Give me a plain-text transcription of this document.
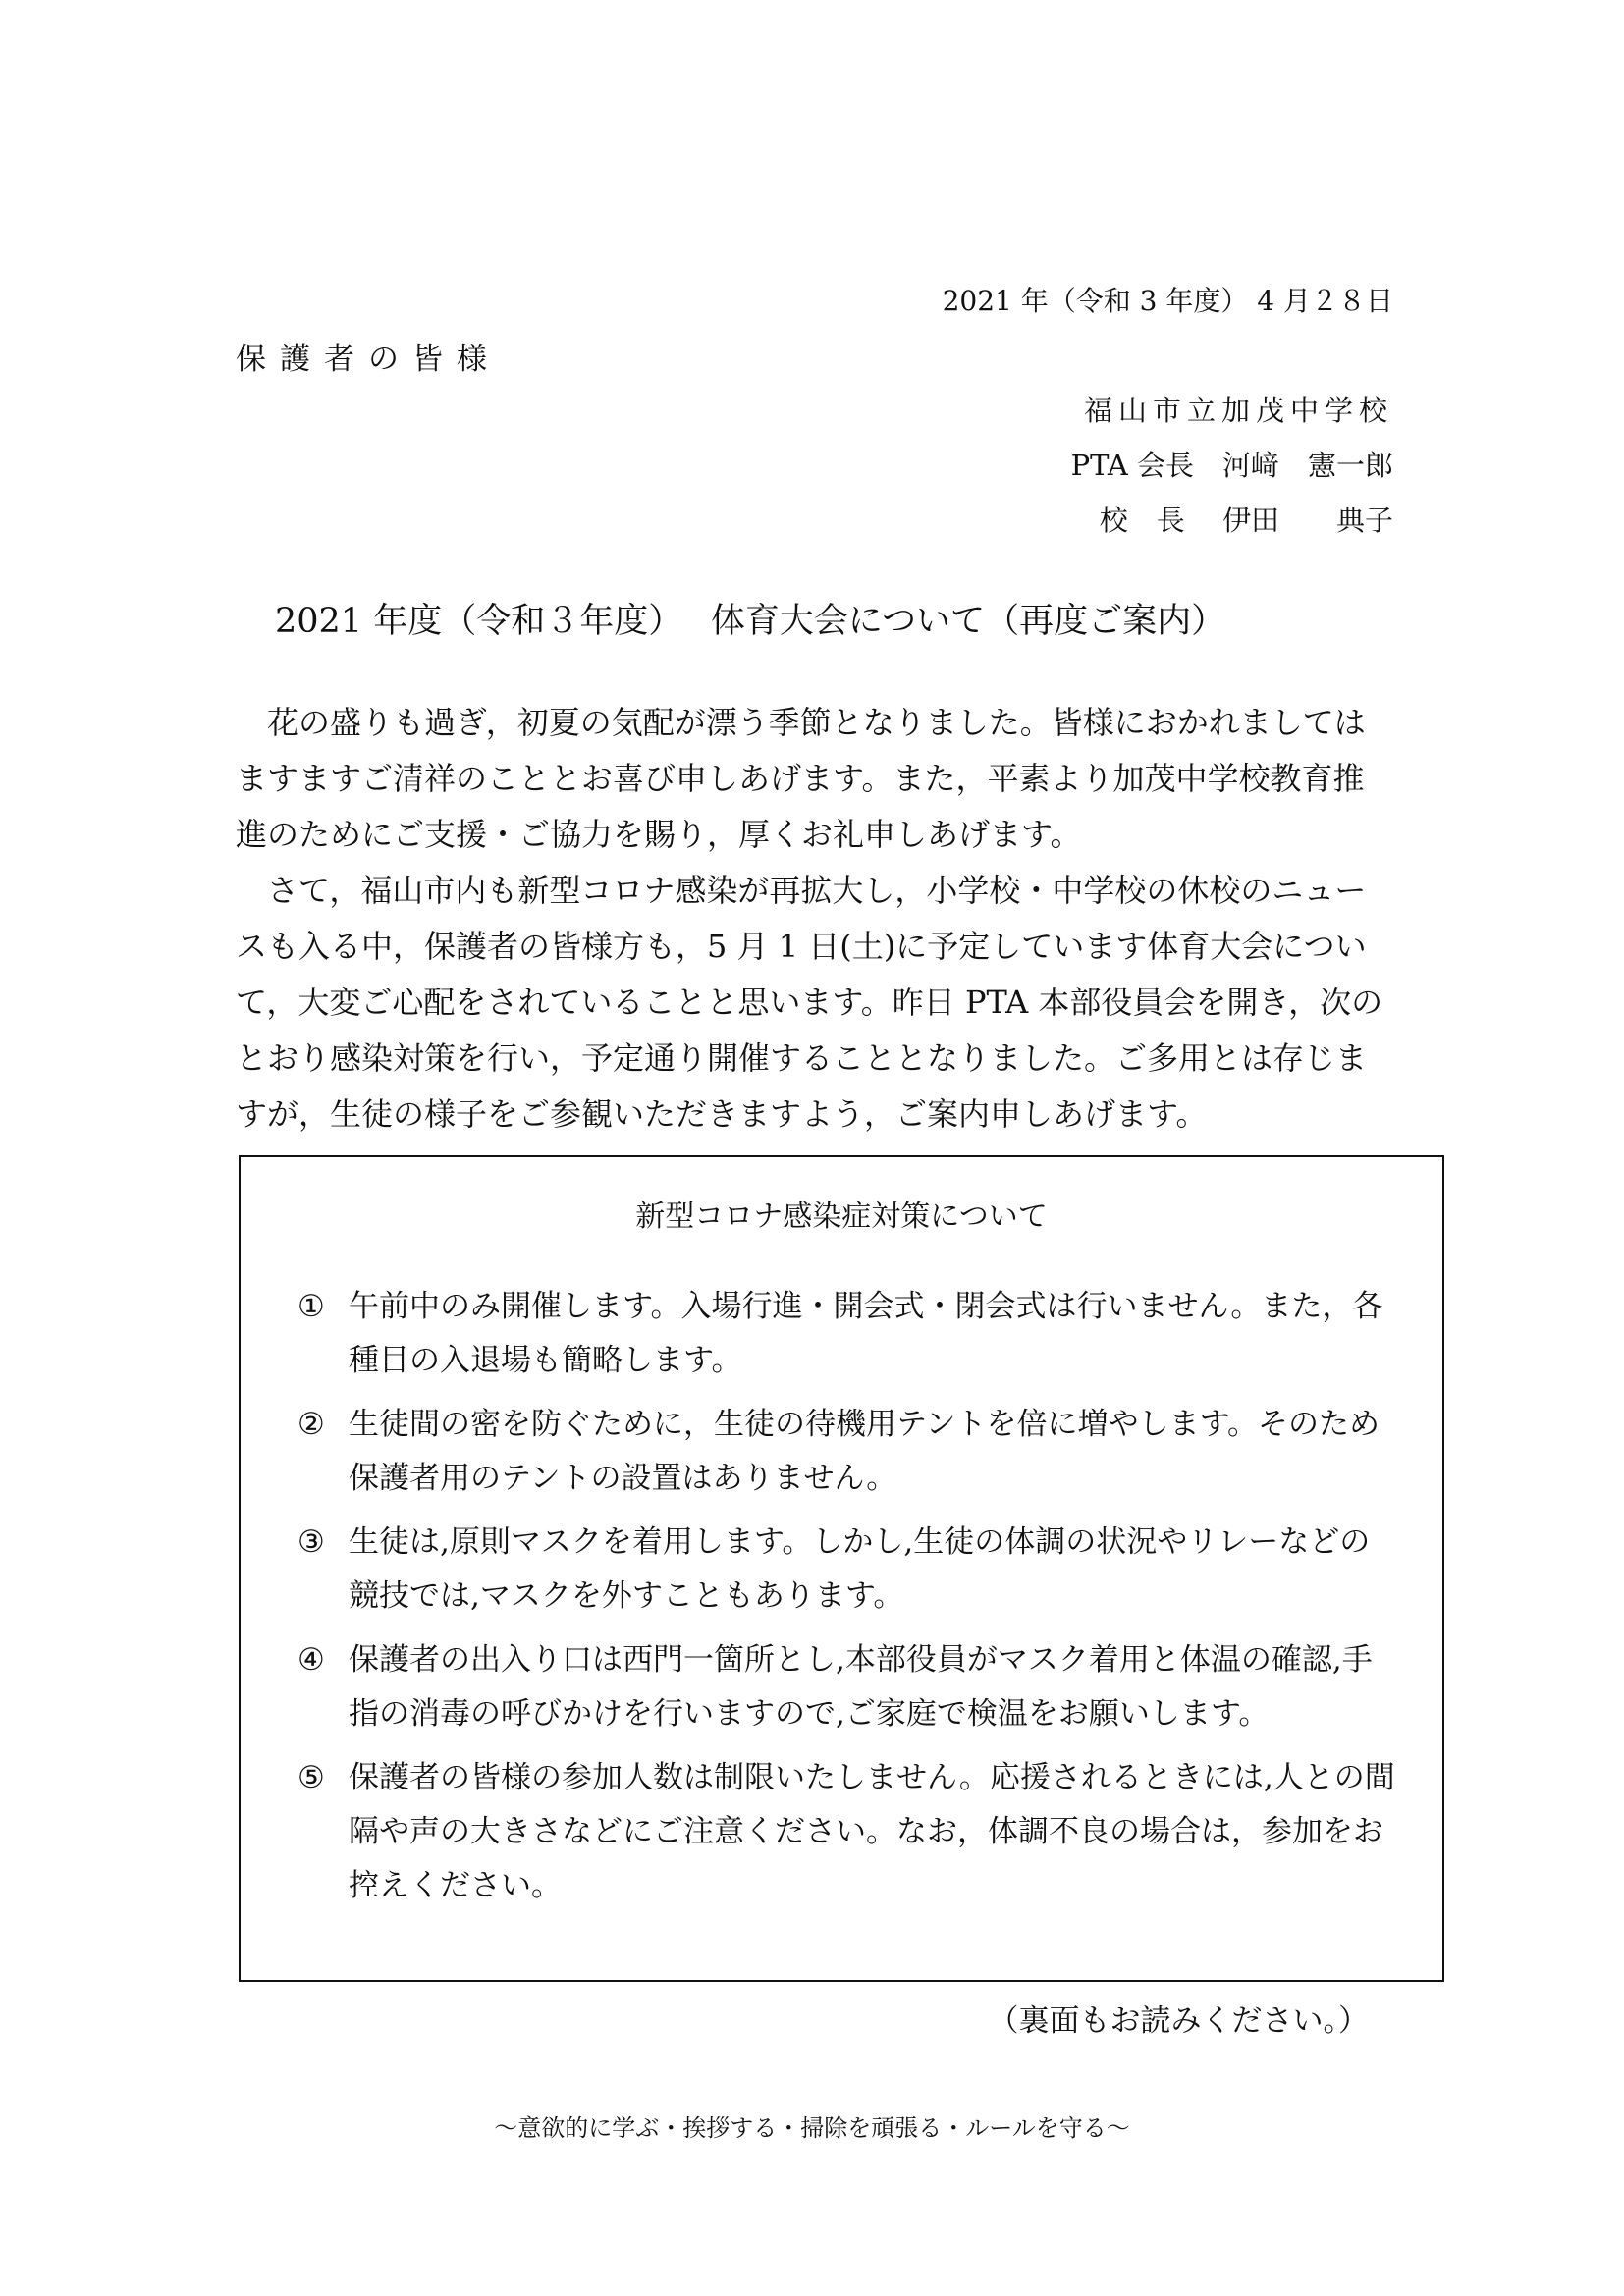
2021 年（令和 3 年度） 4 月２８日
保護者の皆様
福山市立加茂中学校
PTA 会長　河﨑　憲一郎
校　長　 伊田　　典子
2021 年度（令和３年度）　 体育大会について（再度ご案内）

花の盛りも過ぎ，初夏の気配が漂う季節となりました。皆様におかれましてはますますご清祥のこととお喜び申しあげます。また，平素より加茂中学校教育推進のためにご支援・ご協力を賜り，厚くお礼申しあげます。

さて，福山市内も新型コロナ感染が再拡大し，小学校・中学校の休校のニュースも入る中，保護者の皆様方も，5 月 1 日(土)に予定しています体育大会について，大変ご心配をされていることと思います。昨日 PTA 本部役員会を開き，次のとおり感染対策を行い，予定通り開催することとなりました。ご多用とは存じますが，生徒の様子をご参観いただきますよう，ご案内申しあげます。

新型コロナ感染症対策について
① 午前中のみ開催します。入場行進・開会式・閉会式は行いません。また，各種目の入退場も簡略します。
② 生徒間の密を防ぐために，生徒の待機用テントを倍に増やします。そのため保護者用のテントの設置はありません。
③ 生徒は,原則マスクを着用します。しかし,生徒の体調の状況やリレーなどの競技では,マスクを外すこともあります。
④ 保護者の出入り口は西門一箇所とし,本部役員がマスク着用と体温の確認,手指の消毒の呼びかけを行いますので,ご家庭で検温をお願いします。
⑤ 保護者の皆様の参加人数は制限いたしません。応援されるときには,人との間隔や声の大きさなどにご注意ください。なお，体調不良の場合は，参加をお控えください。
（裏面もお読みください。）
～意欲的に学ぶ・挨拶する・掃除を頑張る・ルールを守る～
